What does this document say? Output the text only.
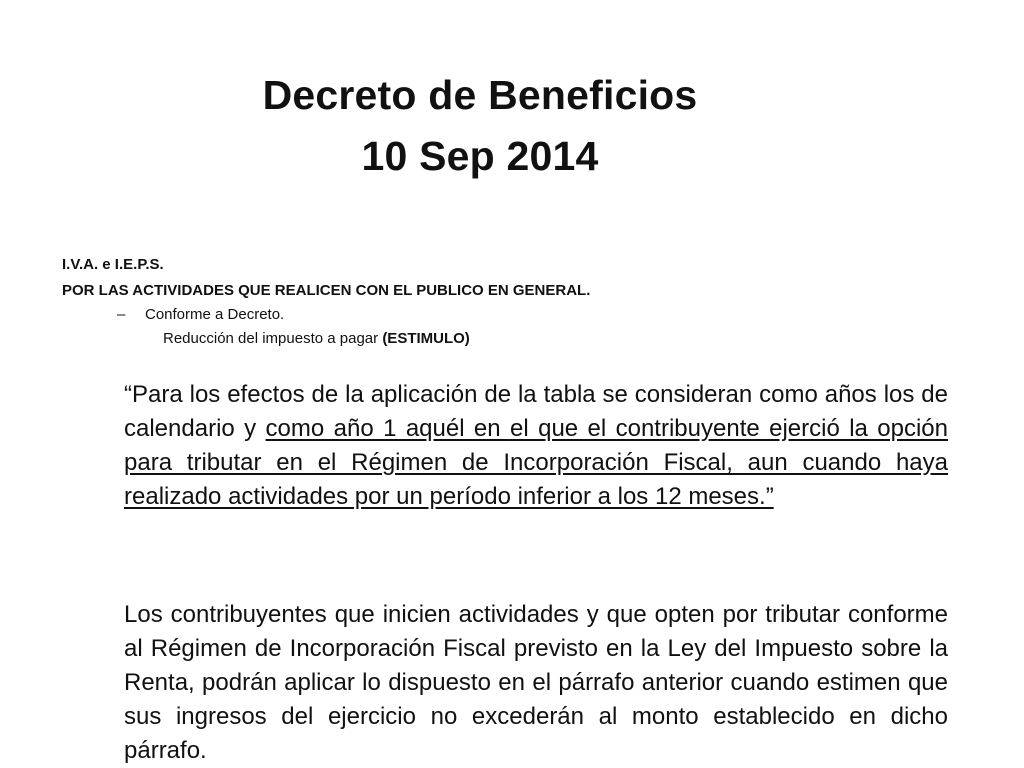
Decreto de Beneficios
10 Sep 2014
I.V.A. e I.E.P.S.
POR LAS ACTIVIDADES QUE REALICEN CON EL PUBLICO EN GENERAL.
– Conforme a Decreto.
Reducción del impuesto a pagar (ESTIMULO)
“Para los efectos de la aplicación de la tabla se consideran como años los de calendario y como año 1 aquél en el que el contribuyente ejerció la opción para tributar en el Régimen de Incorporación Fiscal, aun cuando haya realizado actividades por un período inferior a los 12 meses.”
Los contribuyentes que inicien actividades y que opten por tributar conforme al Régimen de Incorporación Fiscal previsto en la Ley del Impuesto sobre la Renta, podrán aplicar lo dispuesto en el párrafo anterior cuando estimen que sus ingresos del ejercicio no excederán al monto establecido en dicho párrafo.
